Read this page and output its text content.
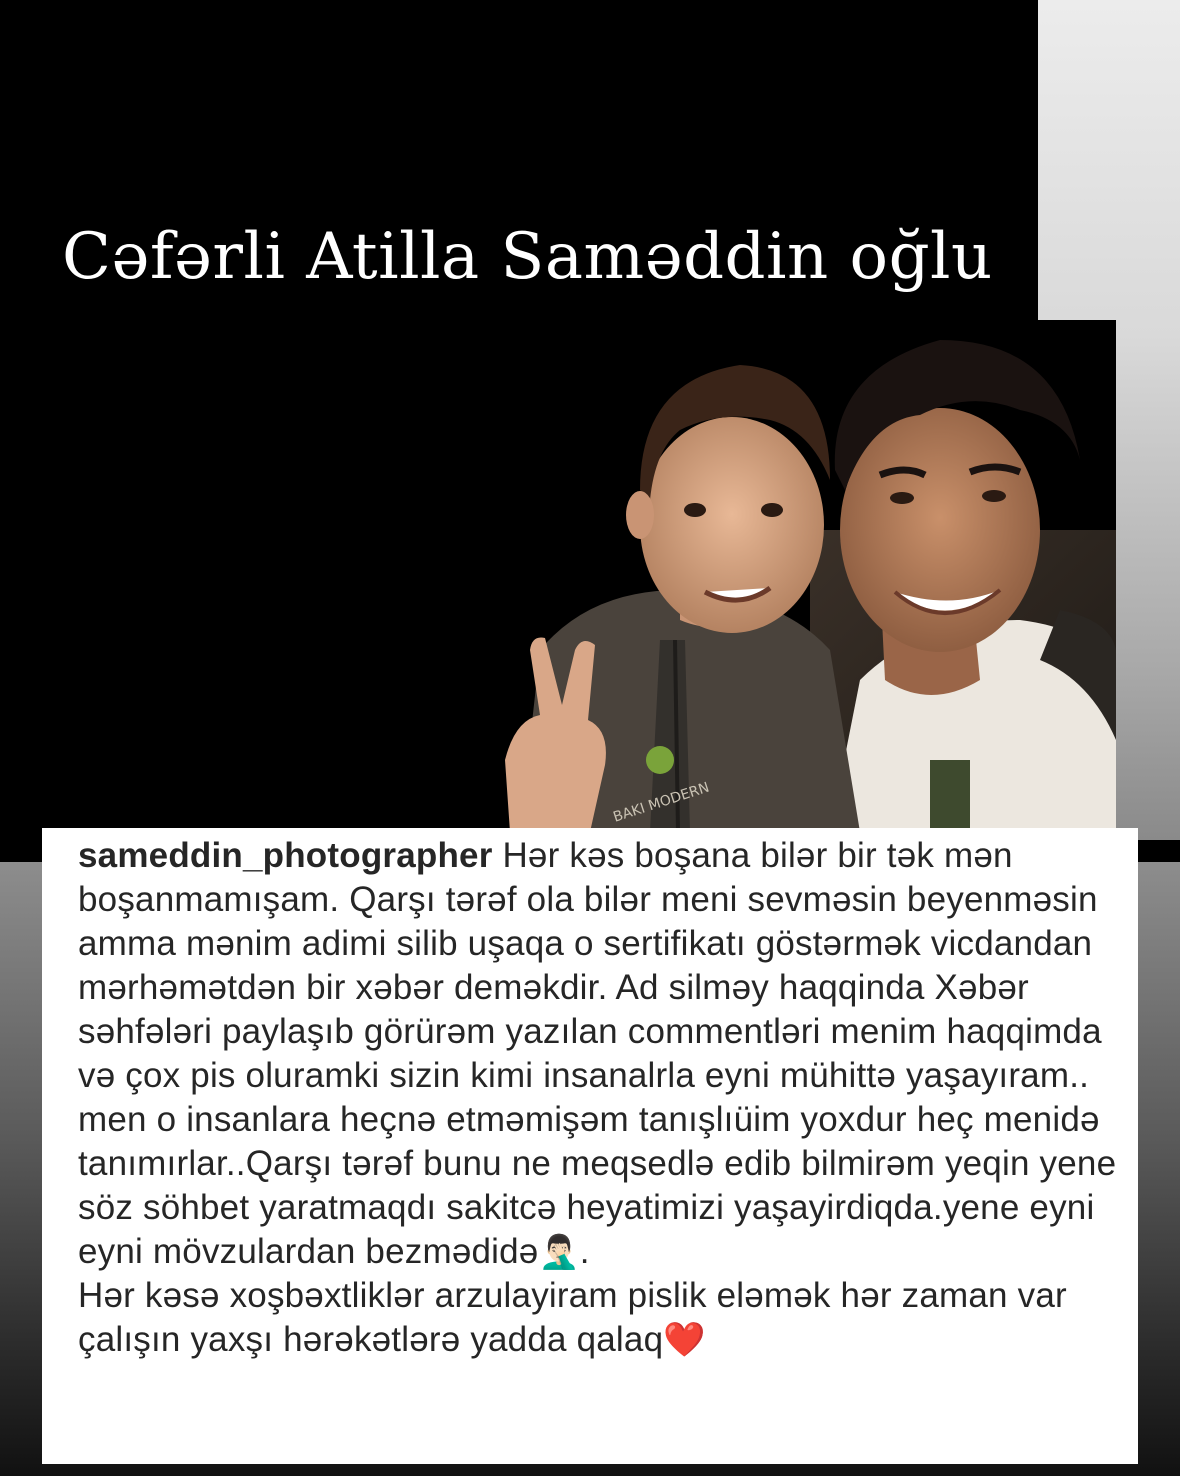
Cəfərli Atilla Saməddin oğlu
BAKI MODERN

sameddin_photographer Hər kəs boşana bilər bir tək mən boşanmamışam. Qarşı tərəf ola bilər meni sevməsin beyenməsin amma mənim adimi silib uşaqa o sertifikatı göstərmək vicdandan mərhəmətdən bir xəbər deməkdir. Ad silməy haqqinda Xəbər səhfələri paylaşıb görürəm yazılan commentləri menim haqqimda və çox pis oluramki sizin kimi insanalrla eyni mühittə yaşayıram.. men o insanlara heçnə etməmişəm tanışlıüim yoxdur heç menidə tanımırlar..Qarşı tərəf bunu ne meqsedlə edib bilmirəm yeqin yene söz söhbet yaratmaqdı sakitcə heyatimizi yaşayirdiqda.yene eyni eyni mövzulardan bezmədidə🤦🏻‍♂️.

Hər kəsə xoşbəxtliklər arzulayiram pislik eləmək hər zaman var çalışın yaxşı hərəkətlərə yadda qalaq❤️
